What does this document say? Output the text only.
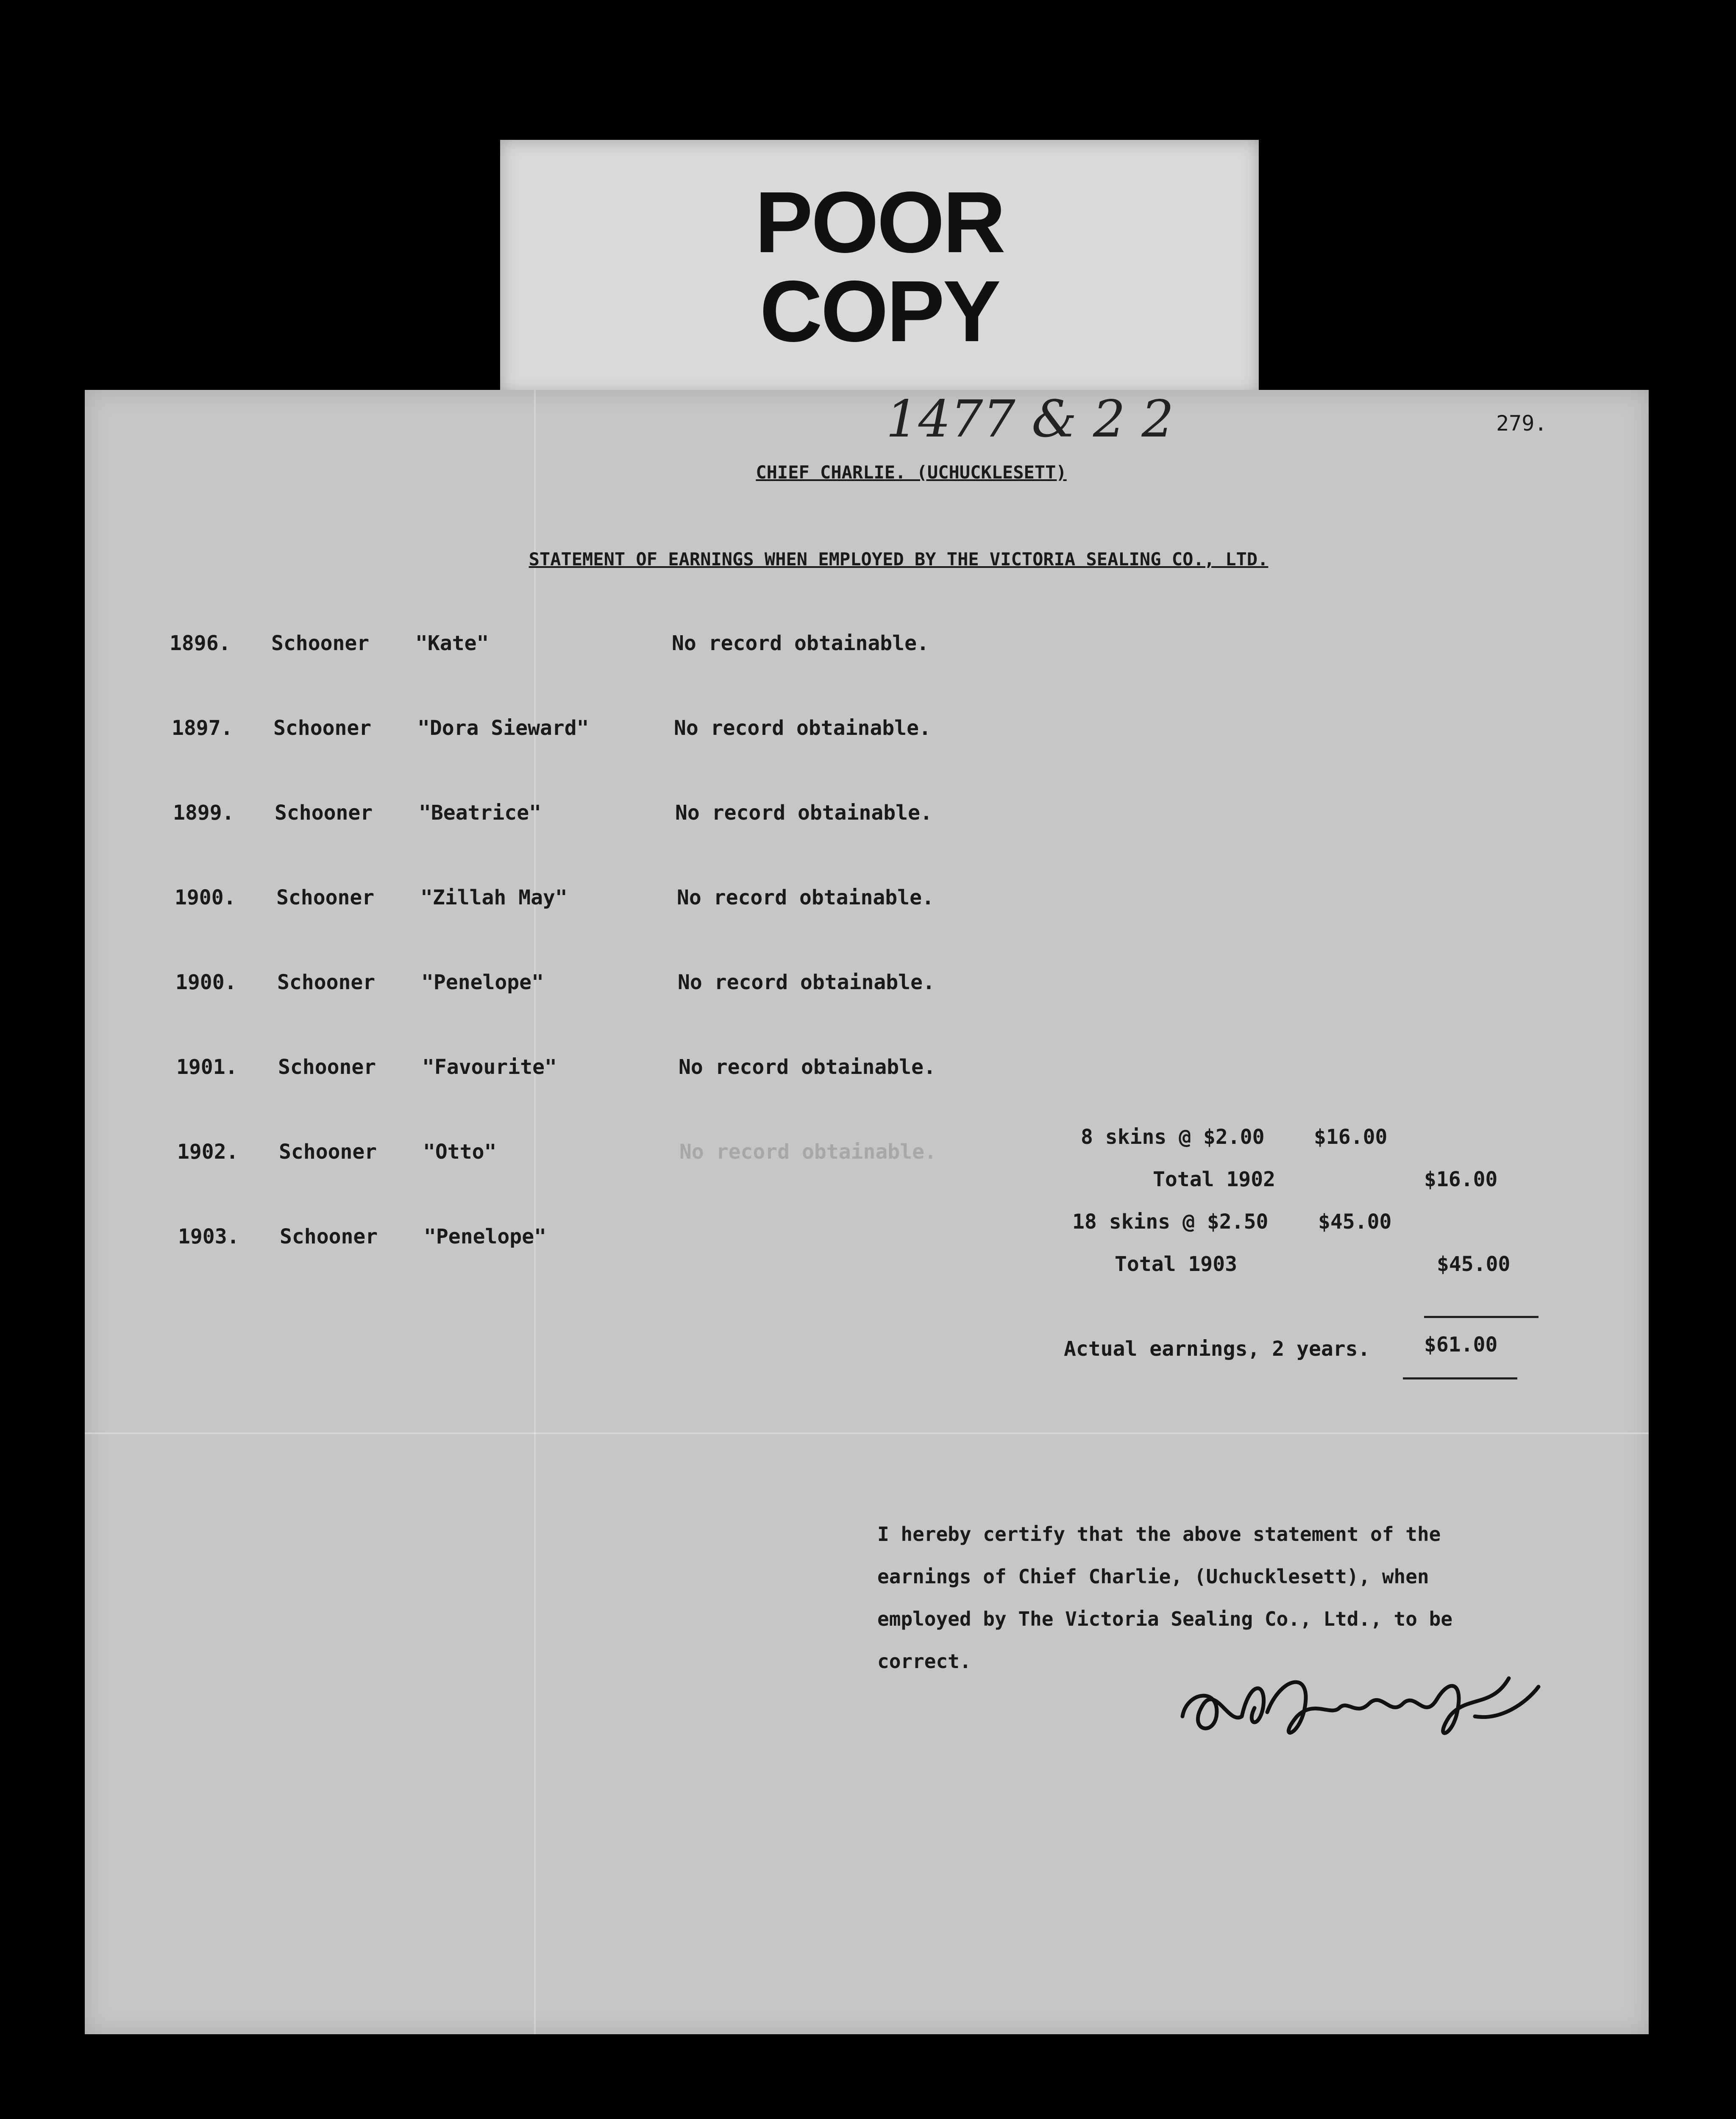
POOR
COPY
1477 & 2 2	279.
CHIEF CHARLIE. (UCHUCKLESETT)
STATEMENT OF EARNINGS WHEN EMPLOYED BY THE VICTORIA SEALING CO., LTD.
1896. Schooner "Kate"	No record obtainable.
1897. Schooner "Dora Sieward"	No record obtainable.
1899. Schooner "Beatrice"	No record obtainable.
1900. Schooner "Zillah May"	No record obtainable.
1900. Schooner "Penelope"	No record obtainable.
1901. Schooner "Favourite"	No record obtainable.
1902. Schooner "Otto"	No record obtainable.
1903. Schooner "Penelope"
8 skins @ $2.00 $16.00
Total 1902	$16.00
18 skins @ $2.50 $45.00
Total 1903	$45.00
Actual earnings, 2 years.	$61.00
I hereby certify that the above statement of the
earnings of Chief Charlie, (Uchucklesett), when
employed by The Victoria Sealing Co., Ltd., to be
correct.
